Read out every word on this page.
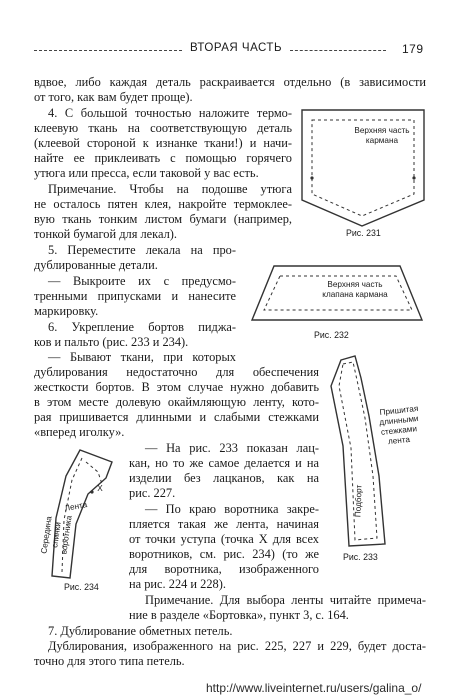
ВТОРАЯ ЧАСТЬ	179
вдвое, либо каждая деталь раскраивается отдельно (в зависимости
от того, как вам будет проще).
4. С большой точностью наложите термо-
клеевую ткань на соответствующую деталь
(клеевой стороной к изнанке ткани!) и начи-
найте ее приклеивать с помощью горячего
утюга или пресса, если таковой у вас есть.
Примечание. Чтобы на подошве утюга
не осталось пятен клея, накройте термоклее-
вую ткань тонким листом бумаги (например,
тонкой бумагой для лекал).
5. Переместите лекала на про-
дублированные детали.
— Выкроите их с предусмо-
тренными припусками и нанесите
маркировку.
6. Укрепление бортов пиджа-
ков и пальто (рис. 233 и 234).
— Бывают ткани, при которых
дублирования недостаточно для обеспечения
жесткости бортов. В этом случае нужно добавить
в этом месте долевую окаймляющую ленту, кото-
рая пришивается длинными и слабыми стежками
«вперед иголку».
— На рис. 233 показан лац-
кан, но то же самое делается и на
изделии без лацканов, как на
рис. 227.
— По краю воротника закре-
пляется такая же лента, начиная
от точки уступа (точка Х для всех
воротников, см. рис. 234) (то же
для воротника, изображенного
на рис. 224 и 228).
Примечание. Для выбора ленты читайте примеча-
ние в разделе «Бортовка», пункт 3, с. 164.
7. Дублирование обметных петель.
Дублирования, изображенного на рис. 225, 227 и 229, будет доста-
точно для этого типа петель.
Верхняя часть
кармана
Рис. 231
Верхняя часть
клапана кармана
Рис. 232
Пришитая
длинными
стежками
лента
Подборт
Рис. 233
Лента
X
Середина
спинки
воротника
Рис. 234
http://www.liveinternet.ru/users/galina_o/
